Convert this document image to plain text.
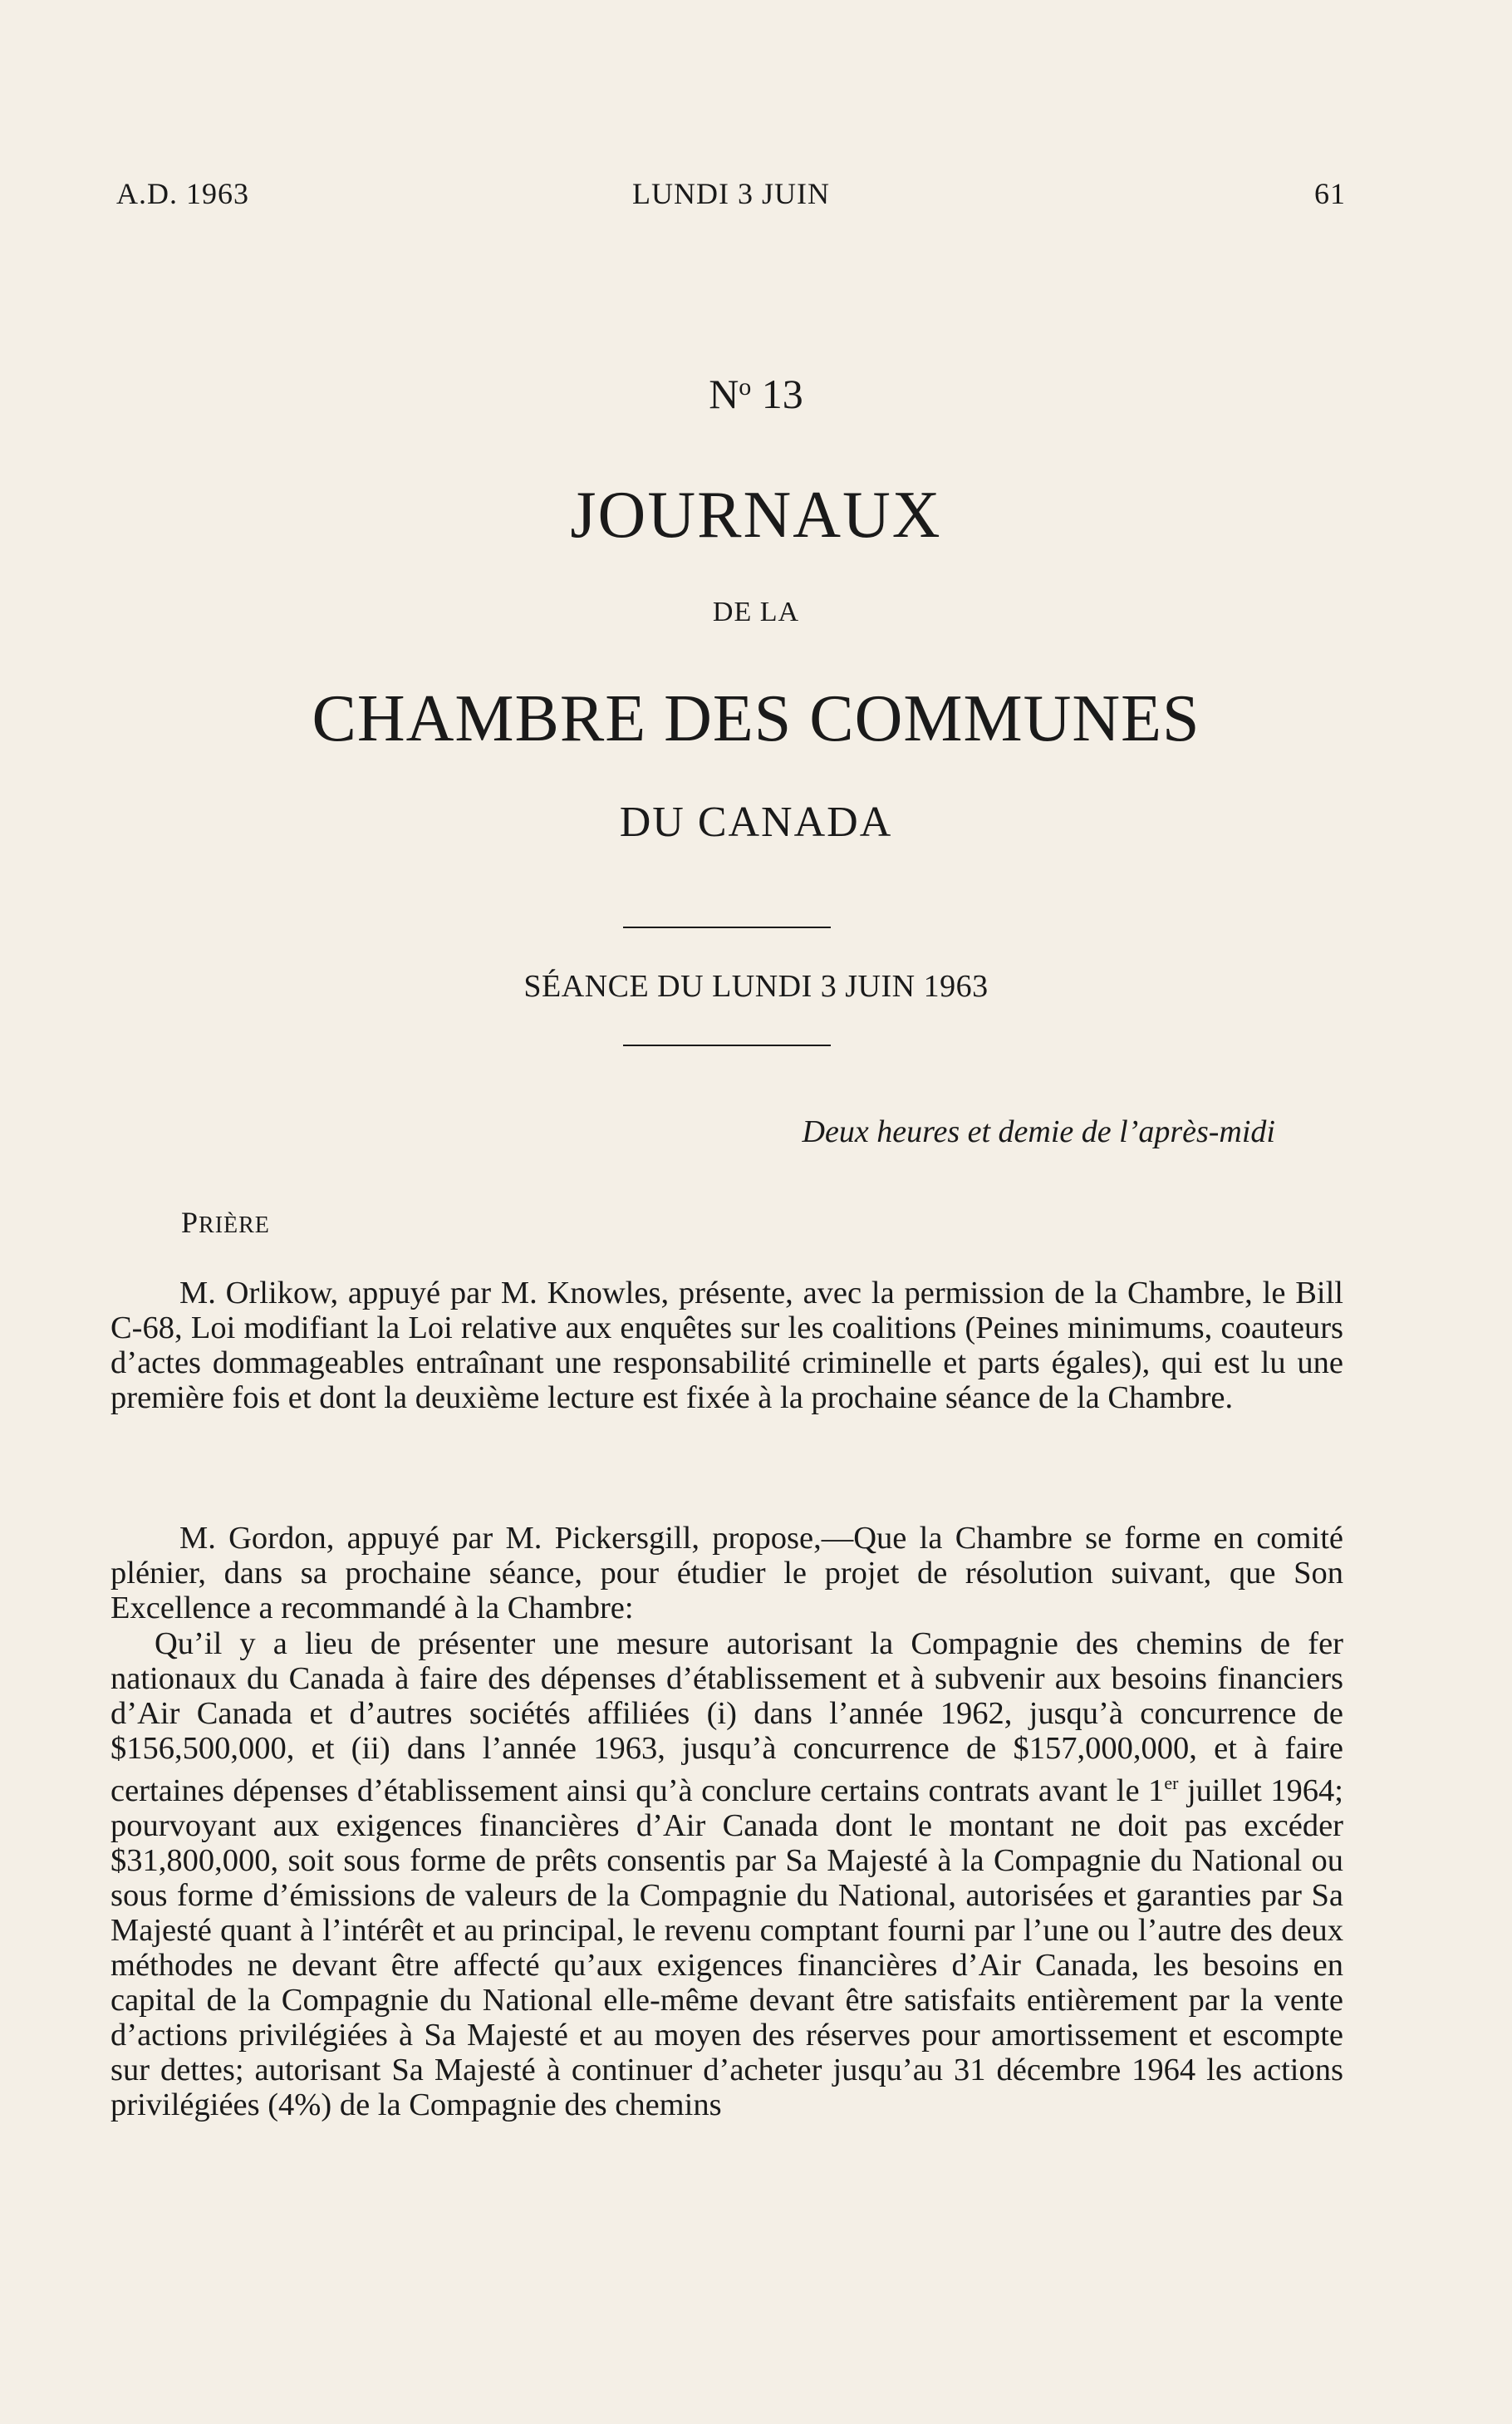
A.D. 1963	LUNDI 3 JUIN	61
$N^o$ 13
JOURNAUX
DE LA
CHAMBRE DES COMMUNES
DU CANADA
SÉANCE DU LUNDI 3 JUIN 1963
Deux heures et demie de l’après-midi
PRIÈRE

M. Orlikow, appuyé par M. Knowles, présente, avec la permission de la Chambre, le Bill C-68, Loi modifiant la Loi relative aux enquêtes sur les coalitions (Peines minimums, coauteurs d’actes dommageables entraînant une responsabilité criminelle et parts égales), qui est lu une première fois et dont la deuxième lecture est fixée à la prochaine séance de la Chambre.

M. Gordon, appuyé par M. Pickersgill, propose,—Que la Chambre se forme en comité plénier, dans sa prochaine séance, pour étudier le projet de résolution suivant, que Son Excellence a recommandé à la Chambre:

Qu’il y a lieu de présenter une mesure autorisant la Compagnie des chemins de fer nationaux du Canada à faire des dépenses d’établissement et à subvenir aux besoins financiers d’Air Canada et d’autres sociétés affiliées (i) dans l’année 1962, jusqu’à concurrence de $156,500,000, et (ii) dans l’année 1963, jusqu’à concurrence de $157,000,000, et à faire certaines dépenses d’établissement ainsi qu’à conclure certains contrats avant le 1er juillet 1964; pourvoyant aux exigences financières d’Air Canada dont le montant ne doit pas excéder $31,800,000, soit sous forme de prêts consentis par Sa Majesté à la Compagnie du National ou sous forme d’émissions de valeurs de la Compagnie du National, autorisées et garanties par Sa Majesté quant à l’intérêt et au principal, le revenu comptant fourni par l’une ou l’autre des deux méthodes ne devant être affecté qu’aux exigences financières d’Air Canada, les besoins en capital de la Compagnie du National elle-même devant être satisfaits entièrement par la vente d’actions privilégiées à Sa Majesté et au moyen des réserves pour amortissement et escompte sur dettes; autorisant Sa Majesté à continuer d’acheter jusqu’au 31 décembre 1964 les actions privilégiées (4%) de la Compagnie des chemins
